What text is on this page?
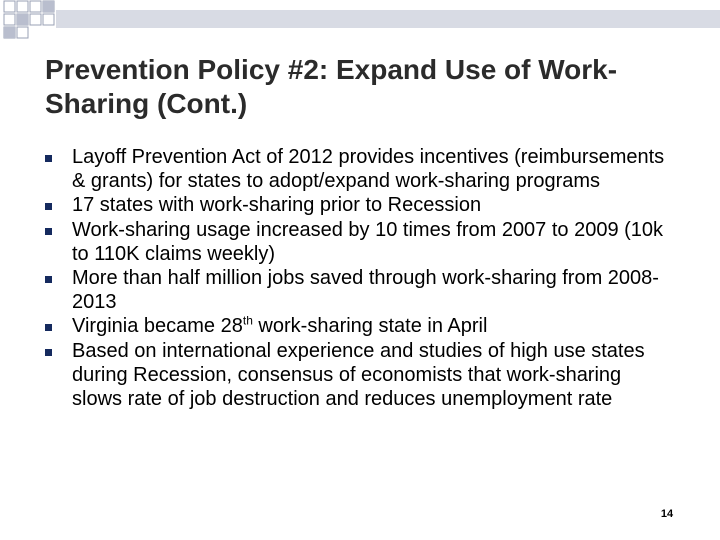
Prevention Policy #2: Expand Use of Work-Sharing (Cont.)
Layoff Prevention Act of 2012 provides incentives (reimbursements & grants) for states to adopt/expand work-sharing programs
17 states with work-sharing prior to Recession
Work-sharing usage increased by 10 times from 2007 to 2009 (10k to 110K claims weekly)
More than half million jobs saved through work-sharing from 2008-2013
Virginia became 28th work-sharing state in April
Based on international experience and studies of high use states during Recession, consensus of economists that work-sharing slows rate of job destruction and reduces unemployment rate
14
